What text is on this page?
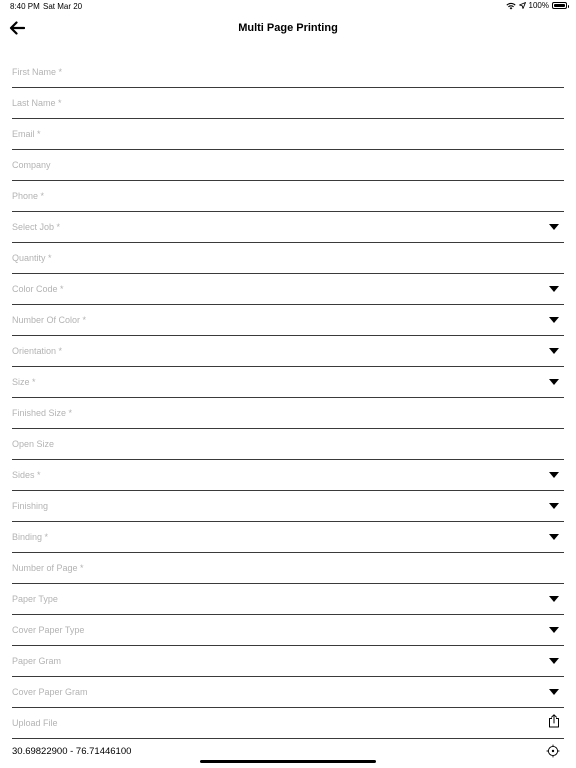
8:40 PM Sat Mar 20	100%
Multi Page Printing
First Name *
Last Name *
Email *
Company
Phone *
Select Job *
Quantity *
Color Code *
Number Of Color *
Orientation *
Size *
Finished Size *
Open Size
Sides *
Finishing
Binding *
Number of Page *
Paper Type
Cover Paper Type
Paper Gram
Cover Paper Gram
Upload File
30.69822900 - 76.71446100
